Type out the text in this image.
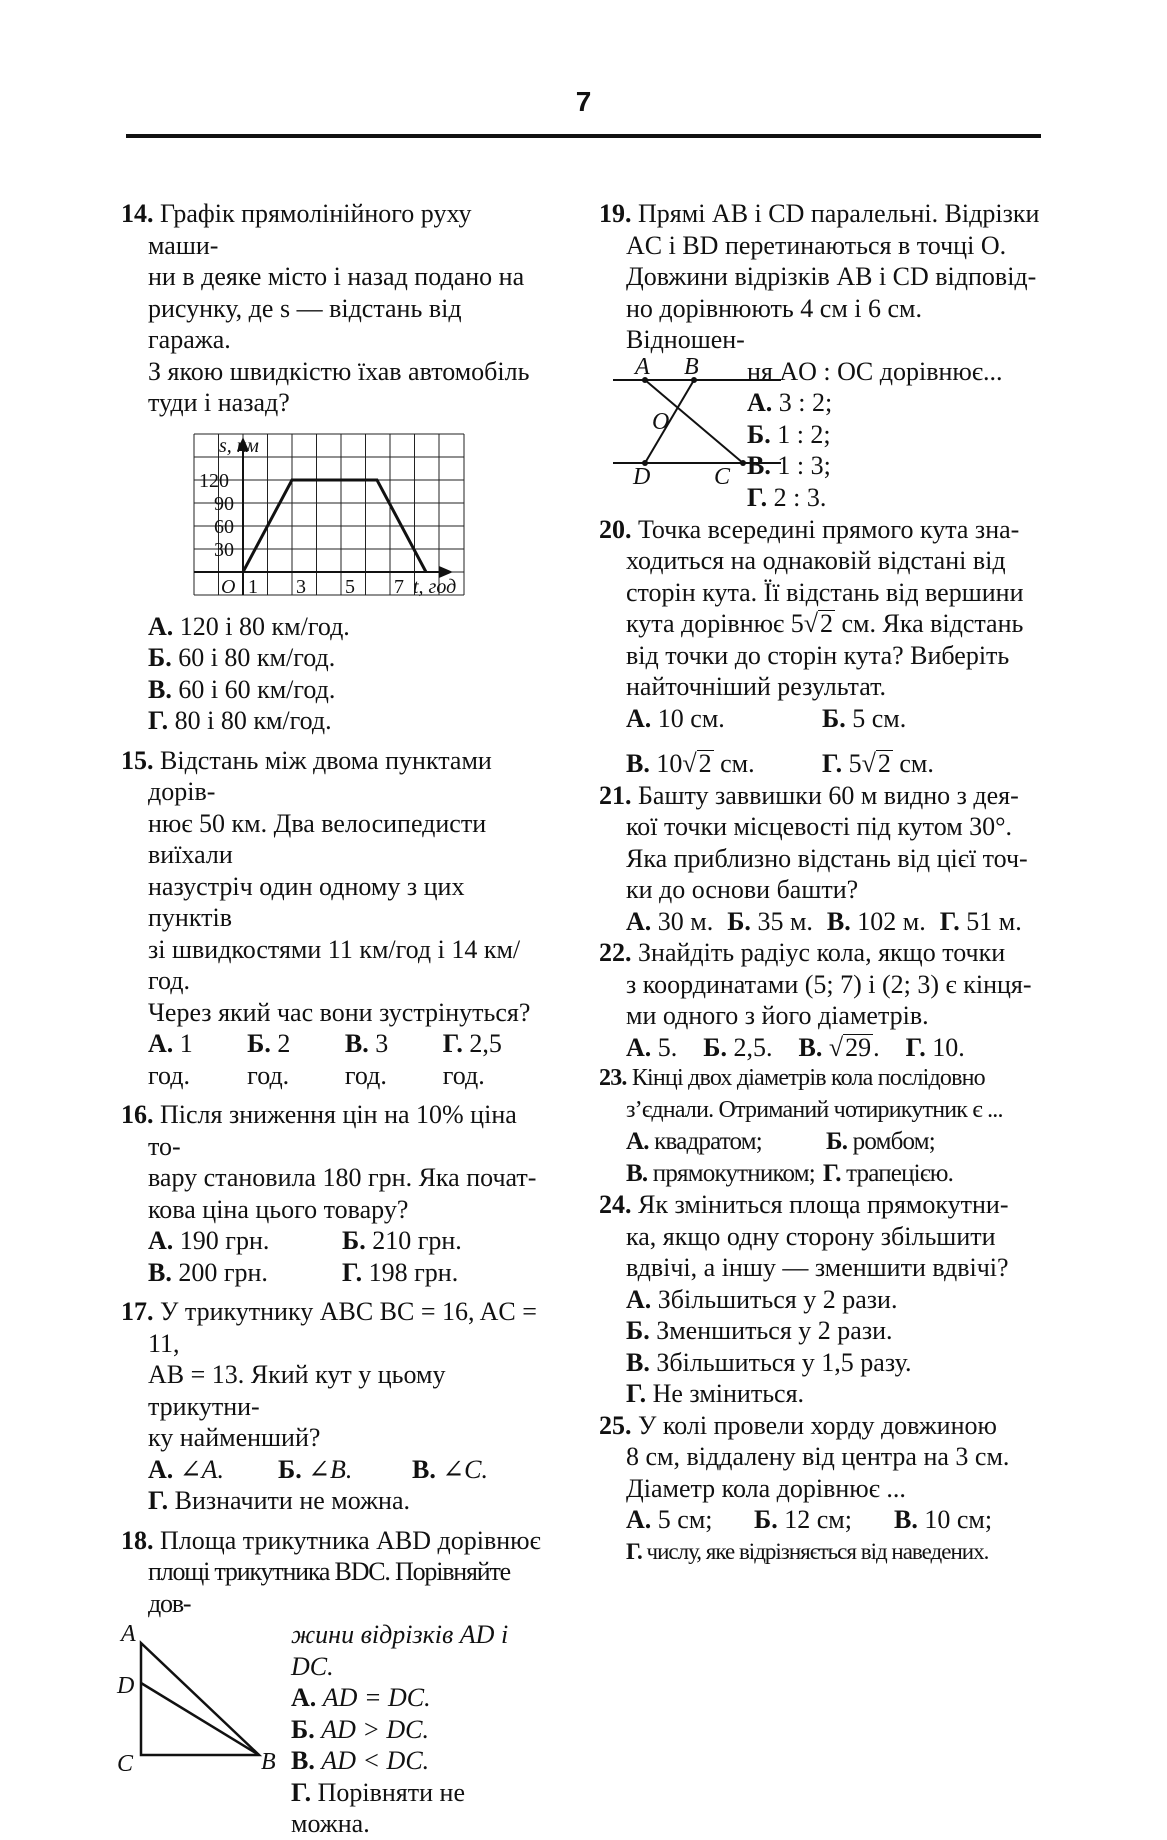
7

14. Графік прямолінійного руху маши-

ни в деяке місто і назад подано на

рисунку, де s — відстань від гаража.

З якою швидкістю їхав автомобіль

туди і назад?

s, км
120
90
60
30
O 1 3 5 7 t, год
А. 120 і 80 км/год.
Б. 60 і 80 км/год.
В. 60 і 60 км/год.
Г. 80 і 80 км/год.

15. Відстань між двома пунктами дорів-

нює 50 км. Два велосипедисти виїхали

назустріч один одному з цих пунктів

зі швидкостями 11 км/год і 14 км/год.

Через який час вони зустрінуться?

А. 1 год.
Б. 2 год.
В. 3 год.
Г. 2,5 год.

16. Після зниження цін на 10% ціна то-

вару становила 180 грн. Яка почат-

кова ціна цього товару?

А. 190 грн.	Б. 210 грн.
В. 200 грн.	Г. 198 грн.

17. У трикутнику ABC BC = 16, AC = 11,

AB = 13. Який кут у цьому трикутни-

ку найменший?

А. ∠A.	Б. ∠B.	В. ∠C.
Г. Визначити не можна.

18. Площа трикутника ABD дорівнює

площі трикутника BDC. Порівняйте дов-

A
D
C	B
жини відрізків AD і DC.
А. AD = DC.
Б. AD > DC.
В. AD < DC.
Г. Порівняти не можна.

19. Прямі AB і CD паралельні. Відрізки

AC і BD перетинаються в точці O.

Довжини відрізків AB і CD відповід-

но дорівнюють 4 см і 6 см. Відношен-

A B
O
D	C
ня AO : OC дорівнює...
А. 3 : 2;
Б. 1 : 2;
В. 1 : 3;
Г. 2 : 3.

20. Точка всередині прямого кута зна-

ходиться на однаковій відстані від

сторін кута. Її відстань від вершини

кута дорівнює 5√2 см. Яка відстань

від точки до сторін кута? Виберіть

найточніший результат.

А. 10 см.	Б. 5 см.
В. 10√2 см.	Г. 5√2 см.

21. Башту заввишки 60 м видно з дея-

кої точки місцевості під кутом 30°.

Яка приблизно відстань від цієї точ-

ки до основи башти?

А. 30 м. Б. 35 м. В. 102 м. Г. 51 м.

22. Знайдіть радіус кола, якщо точки

з координатами (5; 7) і (2; 3) є кінця-

ми одного з його діаметрів.

А. 5. Б. 2,5. В. √29. Г. 10.

23. Кінці двох діаметрів кола послідовно

з’єднали. Отриманий чотирикутник є ...

А. квадратом;	Б. ромбом;
В. прямокутником; Г. трапецією.

24. Як зміниться площа прямокутни-

ка, якщо одну сторону збільшити

вдвічі, а іншу — зменшити вдвічі?

А. Збільшиться у 2 рази.
Б. Зменшиться у 2 рази.
В. Збільшиться у 1,5 разу.
Г. Не зміниться.

25. У колі провели хорду довжиною

8 см, віддалену від центра на 3 см.

Діаметр кола дорівнює ...

А. 5 см;	Б. 12 см;	В. 10 см;
Г. числу, яке відрізняється від наведених.
